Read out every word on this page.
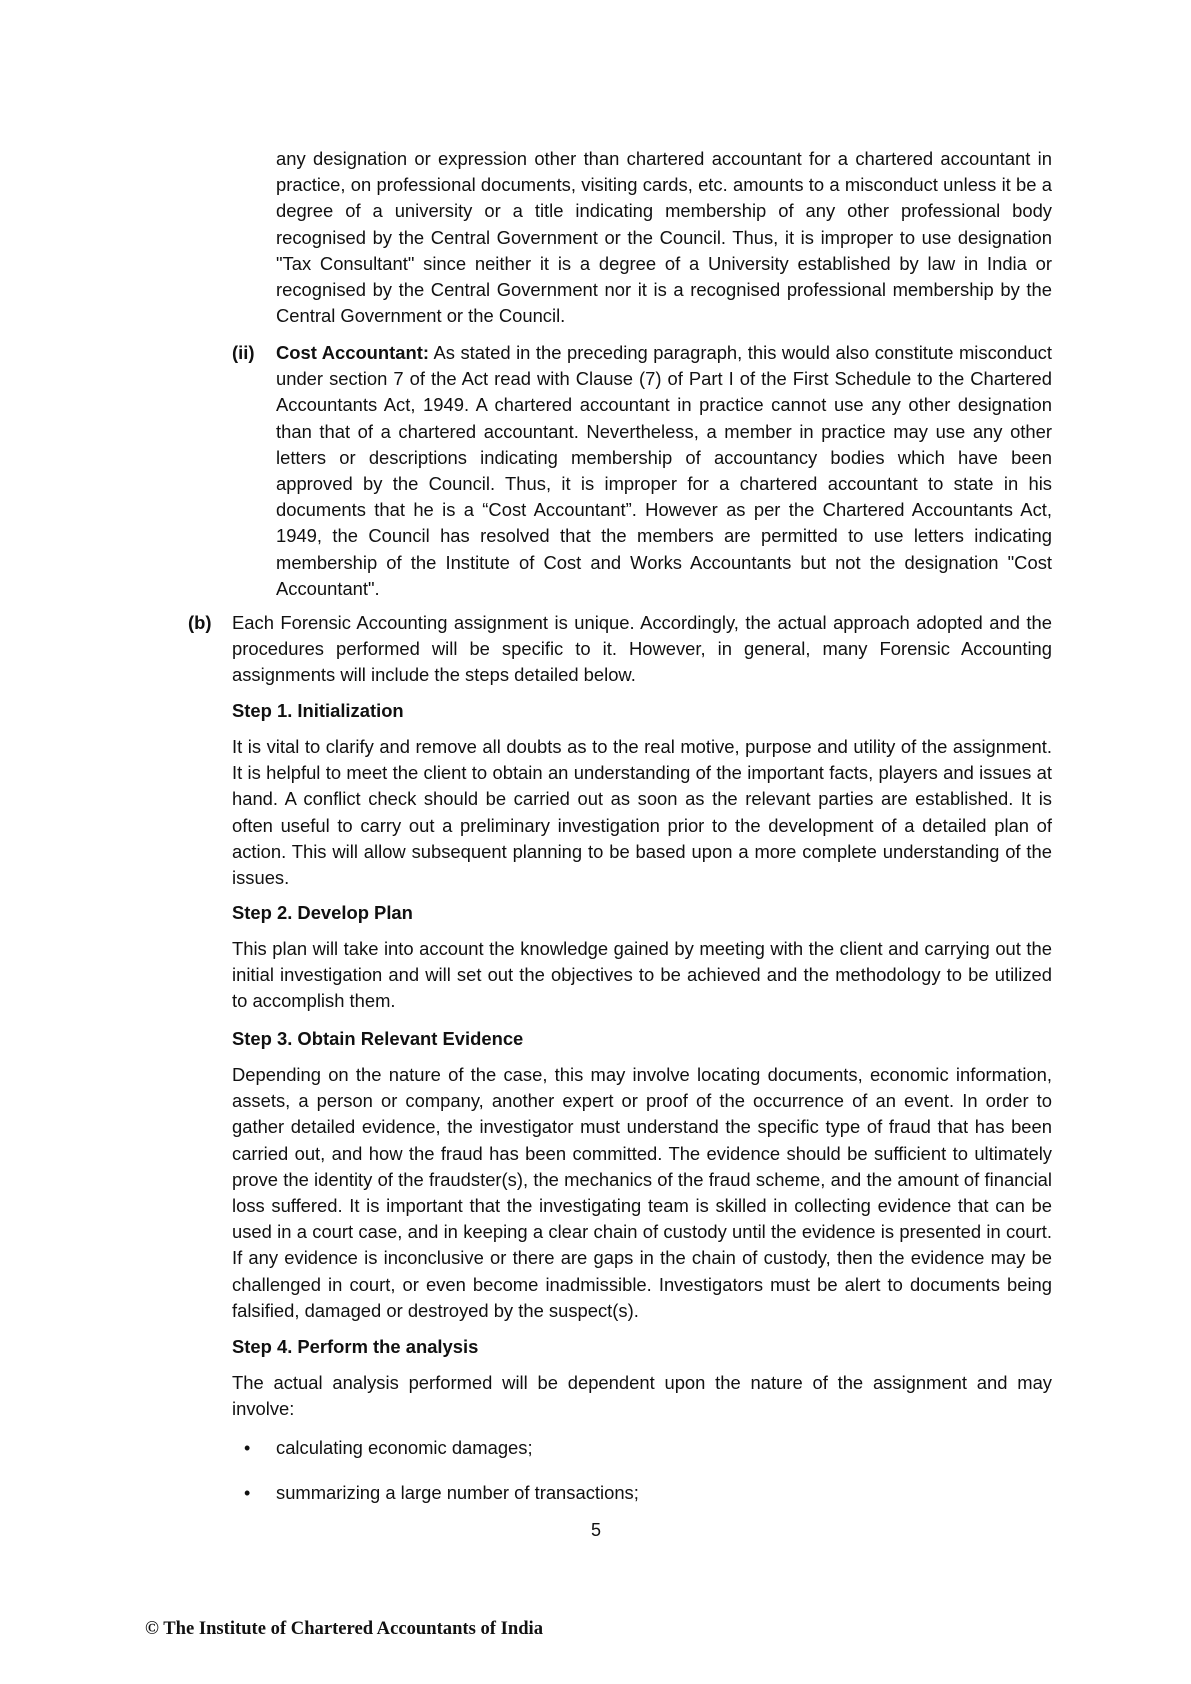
any designation or expression other than chartered accountant for a chartered accountant in practice, on professional documents, visiting cards, etc. amounts to a misconduct unless it be a degree of a university or a title indicating membership of any other professional body recognised by the Central Government or the Council. Thus, it is improper to use designation "Tax Consultant" since neither it is a degree of a University established by law in India or recognised by the Central Government nor it is a recognised professional membership by the Central Government or the Council.

(ii) Cost Accountant: As stated in the preceding paragraph, this would also constitute misconduct under section 7 of the Act read with Clause (7) of Part I of the First Schedule to the Chartered Accountants Act, 1949. A chartered accountant in practice cannot use any other designation than that of a chartered accountant. Nevertheless, a member in practice may use any other letters or descriptions indicating membership of accountancy bodies which have been approved by the Council. Thus, it is improper for a chartered accountant to state in his documents that he is a “Cost Accountant”. However as per the Chartered Accountants Act, 1949, the Council has resolved that the members are permitted to use letters indicating membership of the Institute of Cost and Works Accountants but not the designation "Cost Accountant".

(b) Each Forensic Accounting assignment is unique. Accordingly, the actual approach adopted and the procedures performed will be specific to it. However, in general, many Forensic Accounting assignments will include the steps detailed below.

Step 1. Initialization

It is vital to clarify and remove all doubts as to the real motive, purpose and utility of the assignment. It is helpful to meet the client to obtain an understanding of the important facts, players and issues at hand. A conflict check should be carried out as soon as the relevant parties are established. It is often useful to carry out a preliminary investigation prior to the development of a detailed plan of action. This will allow subsequent planning to be based upon a more complete understanding of the issues.

Step 2. Develop Plan

This plan will take into account the knowledge gained by meeting with the client and carrying out the initial investigation and will set out the objectives to be achieved and the methodology to be utilized to accomplish them.

Step 3. Obtain Relevant Evidence

Depending on the nature of the case, this may involve locating documents, economic information, assets, a person or company, another expert or proof of the occurrence of an event. In order to gather detailed evidence, the investigator must understand the specific type of fraud that has been carried out, and how the fraud has been committed. The evidence should be sufficient to ultimately prove the identity of the fraudster(s), the mechanics of the fraud scheme, and the amount of financial loss suffered. It is important that the investigating team is skilled in collecting evidence that can be used in a court case, and in keeping a clear chain of custody until the evidence is presented in court. If any evidence is inconclusive or there are gaps in the chain of custody, then the evidence may be challenged in court, or even become inadmissible. Investigators must be alert to documents being falsified, damaged or destroyed by the suspect(s).

Step 4. Perform the analysis

The actual analysis performed will be dependent upon the nature of the assignment and may involve:

• calculating economic damages;
• summarizing a large number of transactions;
5
© The Institute of Chartered Accountants of India
